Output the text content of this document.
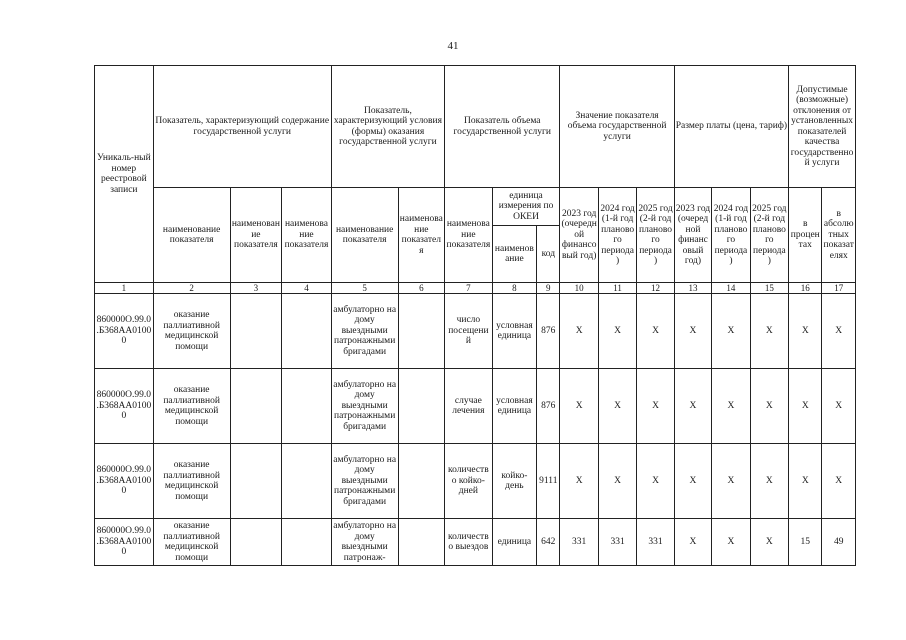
41
Уникаль-ный номер реестровой записи	Показатель, характеризующий содержание государственной услуги			Показатель, характеризующий условия (формы) оказания государственной услуги		Показатель объема государственной услуги			Значение показателя объема государственной услуги			Размер платы (цена, тариф)			Допустимые (возможные) отклонения от установленных показателей качества государственной услуги	
	наименование показателя	наименование показателя	наименование показателя	наименование показателя	наименование показателя	наименование показателя	единица измерения по ОКЕИ		2023 год (очередной финансовый год)	2024 год (1-й год планового периода)	2025 год (2-й год планового периода)	2023 год (очередной финансовый год)	2024 год (1-й год планового периода)	2025 год (2-й год планового периода)	в процентах	в абсолютных показателях
							наименование	код								
1	2	3	4	5	6	7	8	9	10	11	12	13	14	15	16	17

860000О.99.0.Б368АА01000	оказание паллиативной медицинской помощи			амбулаторно на дому выездными патронажными бригадами		число посещений	условная единица	876	Х	Х	Х	Х	Х	Х	Х	Х

860000О.99.0.Б368АА01000	оказание паллиативной медицинской помощи			амбулаторно на дому выездными патронажными бригадами		случае лечения	условная единица	876	Х	Х	Х	Х	Х	Х	Х	Х

860000О.99.0.Б368АА01000	оказание паллиативной медицинской помощи			амбулаторно на дому выездными патронажными бригадами		количество койко-дней	койко-день	9111	Х	Х	Х	Х	Х	Х	Х	Х

860000О.99.0.Б368АА01000	оказание паллиативной медицинской помощи			амбулаторно на дому выездными патронаж-		количество выездов	единица	642	331	331	331	Х	Х	Х	15	49
